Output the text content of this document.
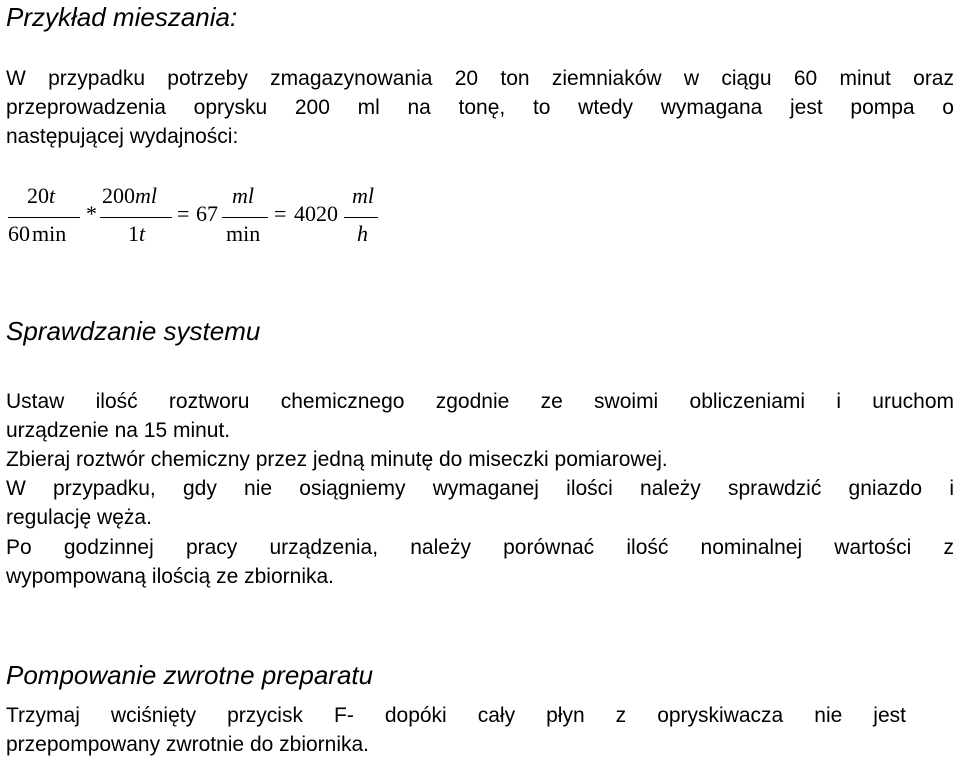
Przykład mieszania:
W przypadku potrzeby zmagazynowania 20 ton ziemniaków w ciągu 60 minut oraz
przeprowadzenia oprysku 200 ml na tonę, to wtedy wymagana jest pompa o
następującej wydajności:
20t
60min
*
200ml
1t
= 67
ml
min
= 4020
ml
h
Sprawdzanie systemu
Ustaw ilość roztworu chemicznego zgodnie ze swoimi obliczeniami i uruchom
urządzenie na 15 minut.
Zbieraj roztwór chemiczny przez jedną minutę do miseczki pomiarowej.
W przypadku, gdy nie osiągniemy wymaganej ilości należy sprawdzić gniazdo i
regulację węża.
Po godzinnej pracy urządzenia, należy porównać ilość nominalnej wartości z
wypompowaną ilością ze zbiornika.
Pompowanie zwrotne preparatu
Trzymaj wciśnięty przycisk F- dopóki cały płyn z opryskiwacza nie jest
przepompowany zwrotnie do zbiornika.
